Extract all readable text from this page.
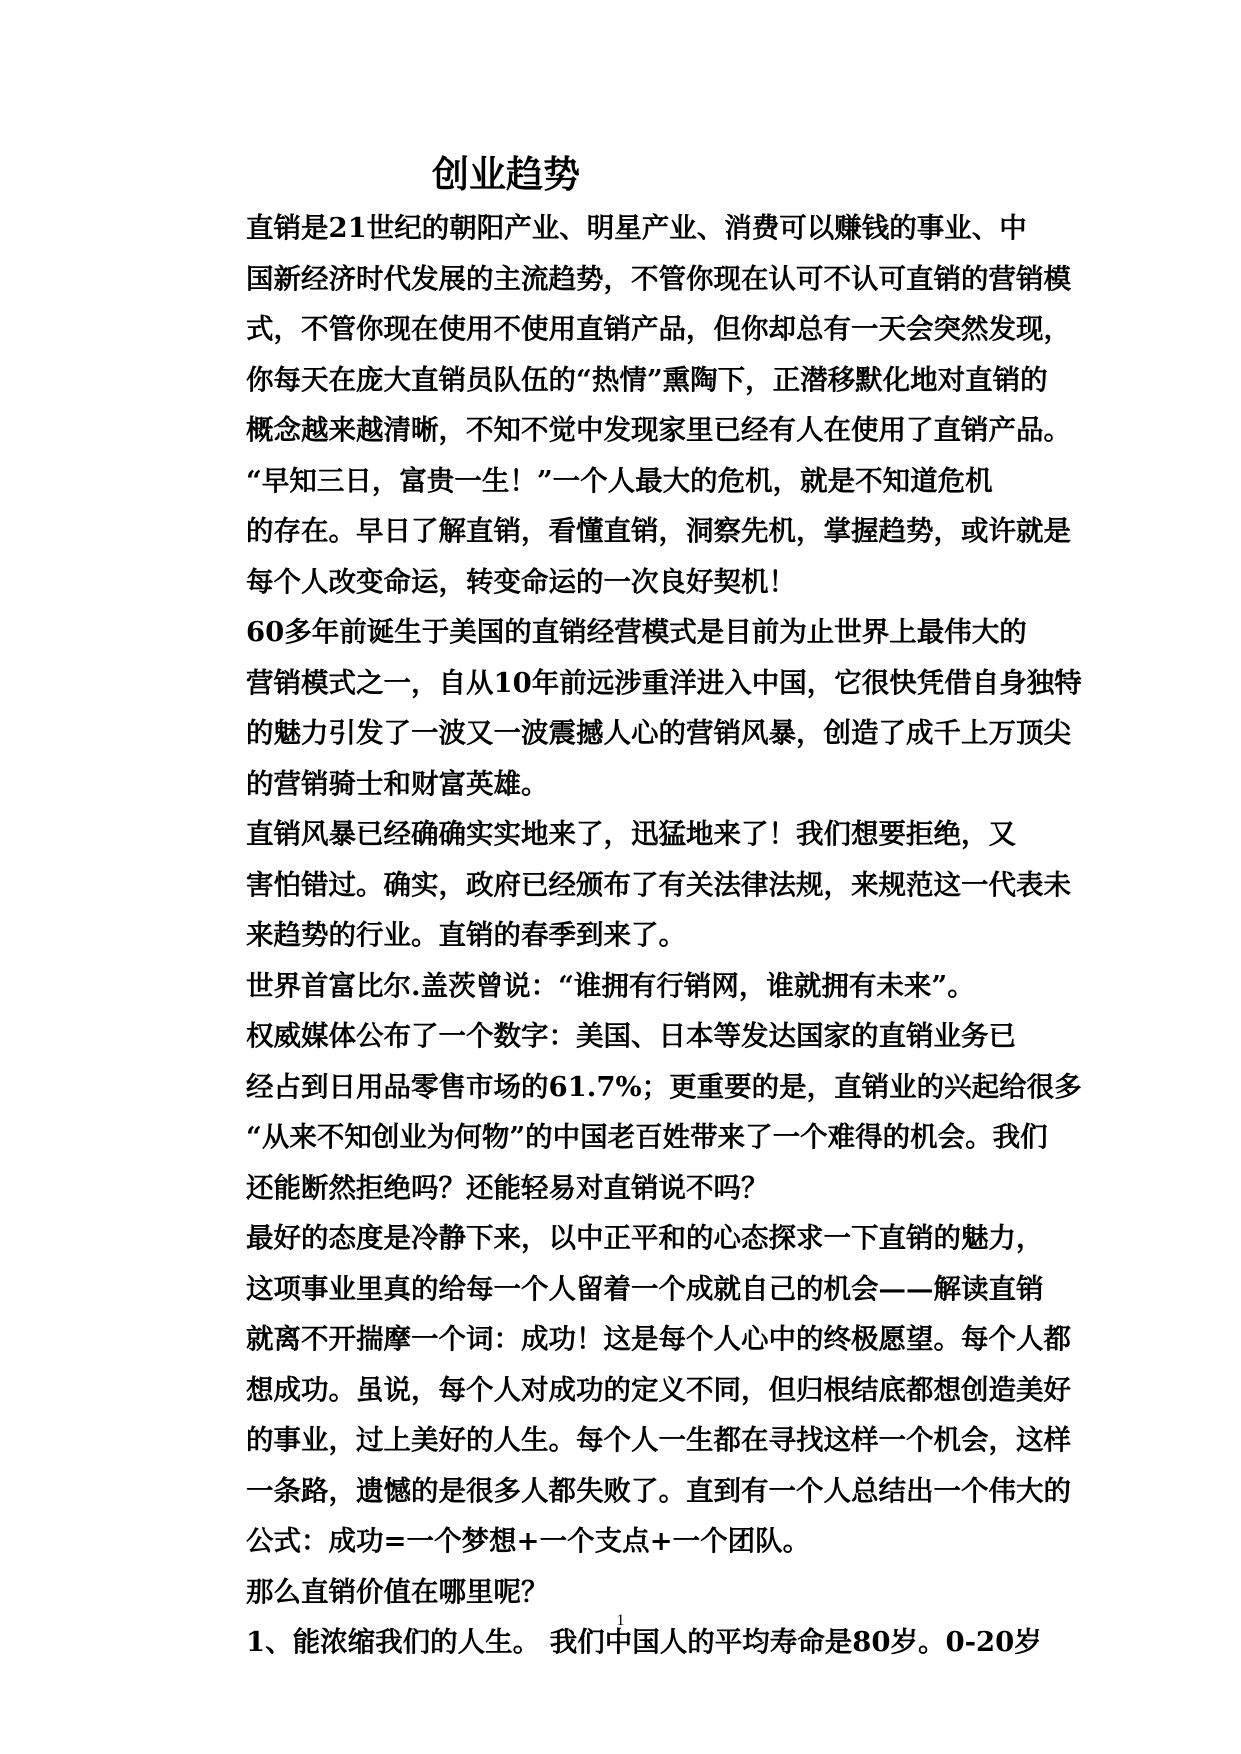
创业趋势

直销是21世纪的朝阳产业、明星产业、消费可以赚钱的事业、中
国新经济时代发展的主流趋势，不管你现在认可不认可直销的营销模
式，不管你现在使用不使用直销产品，但你却总有一天会突然发现，
你每天在庞大直销员队伍的“热情”熏陶下，正潜移默化地对直销的
概念越来越清晰，不知不觉中发现家里已经有人在使用了直销产品。

“早知三日，富贵一生！”一个人最大的危机，就是不知道危机
的存在。早日了解直销，看懂直销，洞察先机，掌握趋势，或许就是
每个人改变命运，转变命运的一次良好契机！

60多年前诞生于美国的直销经营模式是目前为止世界上最伟大的
营销模式之一，自从10年前远涉重洋进入中国，它很快凭借自身独特
的魅力引发了一波又一波震撼人心的营销风暴，创造了成千上万顶尖
的营销骑士和财富英雄。

直销风暴已经确确实实地来了，迅猛地来了！我们想要拒绝，又
害怕错过。确实，政府已经颁布了有关法律法规，来规范这一代表未
来趋势的行业。直销的春季到来了。

世界首富比尔.盖茨曾说：“谁拥有行销网，谁就拥有未来”。

权威媒体公布了一个数字：美国、日本等发达国家的直销业务已
经占到日用品零售市场的61.7%；更重要的是，直销业的兴起给很多
“从来不知创业为何物”的中国老百姓带来了一个难得的机会。我们
还能断然拒绝吗？还能轻易对直销说不吗？

最好的态度是冷静下来，以中正平和的心态探求一下直销的魅力，
这项事业里真的给每一个人留着一个成就自己的机会——解读直销
就离不开揣摩一个词：成功！这是每个人心中的终极愿望。每个人都
想成功。虽说，每个人对成功的定义不同，但归根结底都想创造美好
的事业，过上美好的人生。每个人一生都在寻找这样一个机会，这样
一条路，遗憾的是很多人都失败了。直到有一个人总结出一个伟大的
公式：成功=一个梦想+一个支点+一个团队。

那么直销价值在哪里呢？

1、能浓缩我们的人生。 我们中国人的平均寿命是80岁。0-20岁

1
